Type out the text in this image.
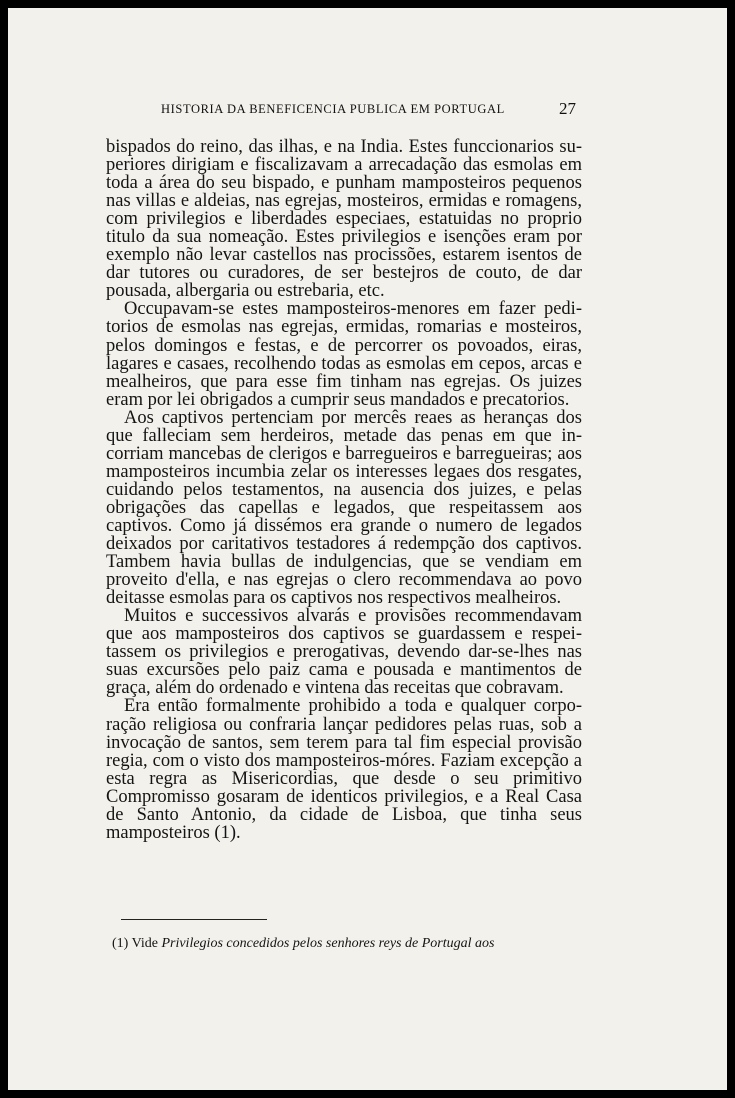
HISTORIA DA BENEFICENCIA PUBLICA EM PORTUGAL	27

bispados do reino, das ilhas, e na India. Estes funccionarios superiores dirigiam e fiscalizavam a arrecadação das esmolas em toda a área do seu bispado, e punham mamposteiros pequenos nas villas e aldeias, nas egrejas, mosteiros, ermidas e romagens, com privilegios e liberdades especiaes, estatuidas no proprio titulo da sua nomeação. Estes privilegios e isenções eram por exemplo não levar castellos nas procissões, estarem isentos de dar tutores ou curadores, de ser bestejros de couto, de dar pousada, albergaria ou estrebaria, etc.

Occupavam-se estes mamposteiros-menores em fazer peditorios de esmolas nas egrejas, ermidas, romarias e mosteiros, pelos domingos e festas, e de percorrer os povoados, eiras, lagares e casaes, recolhendo todas as esmolas em cepos, arcas e mealheiros, que para esse fim tinham nas egrejas. Os juizes eram por lei obrigados a cumprir seus mandados e precatorios.

Aos captivos pertenciam por mercês reaes as heranças dos que falleciam sem herdeiros, metade das penas em que incorriam mancebas de clerigos e barregueiros e barregueiras; aos mamposteiros incumbia zelar os interesses legaes dos resgates, cuidando pelos testamentos, na ausencia dos juizes, e pelas obrigações das capellas e legados, que respeitassem aos captivos. Como já dissémos era grande o numero de legados deixados por caritativos testadores á redempção dos captivos. Tambem havia bullas de indulgencias, que se vendiam em proveito d'ella, e nas egrejas o clero recommendava ao povo deitasse esmolas para os captivos nos respectivos mealheiros.

Muitos e successivos alvarás e provisões recommendavam que aos mamposteiros dos captivos se guardassem e respeitassem os privilegios e prerogativas, devendo dar-se-lhes nas suas excursões pelo paiz cama e pousada e mantimentos de graça, além do ordenado e vintena das receitas que cobravam.

Era então formalmente prohibido a toda e qualquer corporação religiosa ou confraria lançar pedidores pelas ruas, sob a invocação de santos, sem terem para tal fim especial provisão regia, com o visto dos mamposteiros-móres. Faziam excepção a esta regra as Misericordias, que desde o seu primitivo Compromisso gosaram de identicos privilegios, e a Real Casa de Santo Antonio, da cidade de Lisboa, que tinha seus mamposteiros (1).

(1) Vide Privilegios concedidos pelos senhores reys de Portugal aos
